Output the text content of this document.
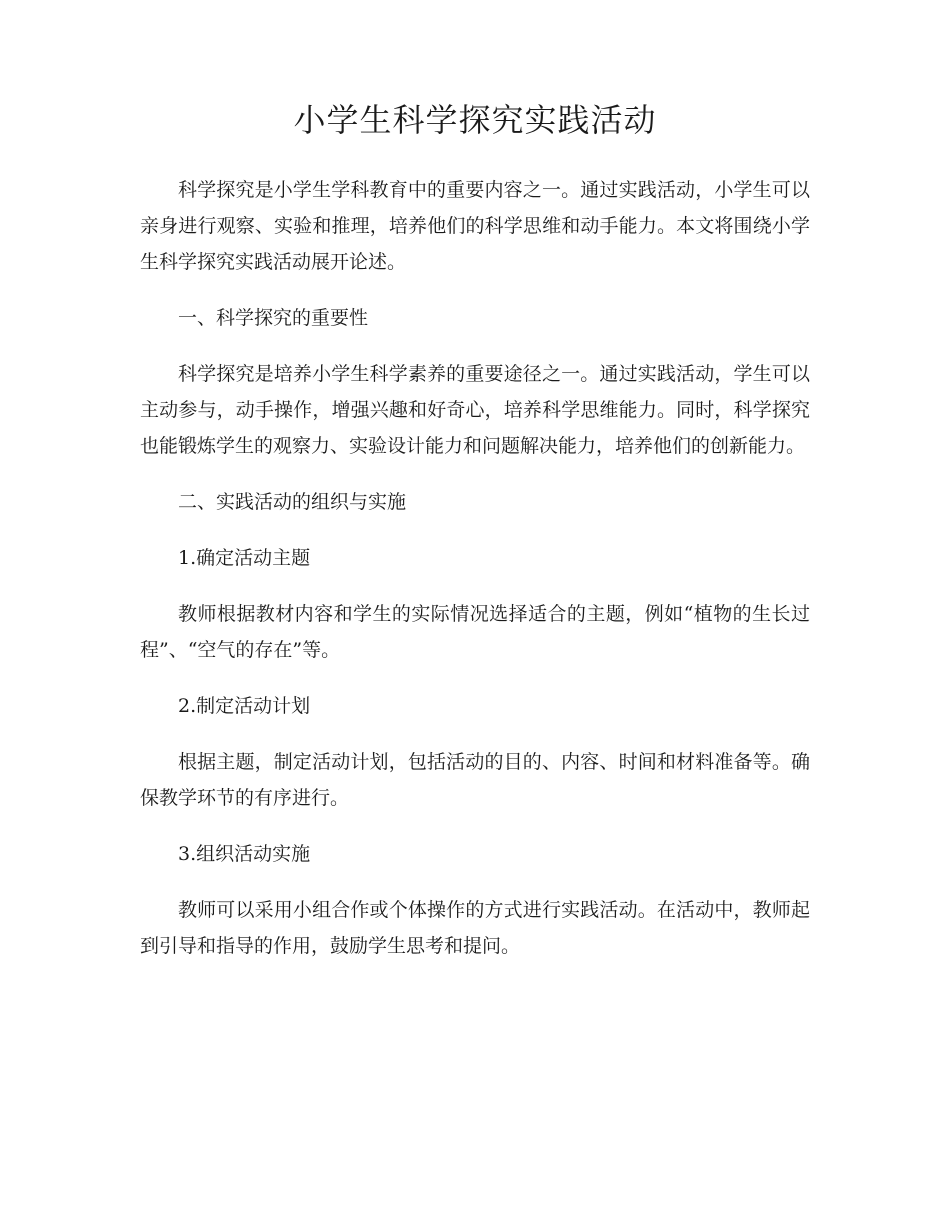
小学生科学探究实践活动

科学探究是小学生学科教育中的重要内容之一。通过实践活动，小学生可以亲身进行观察、实验和推理，培养他们的科学思维和动手能力。本文将围绕小学生科学探究实践活动展开论述。

一、科学探究的重要性

科学探究是培养小学生科学素养的重要途径之一。通过实践活动，学生可以主动参与，动手操作，增强兴趣和好奇心，培养科学思维能力。同时，科学探究也能锻炼学生的观察力、实验设计能力和问题解决能力，培养他们的创新能力。

二、实践活动的组织与实施

1.确定活动主题

教师根据教材内容和学生的实际情况选择适合的主题，例如“植物的生长过程”、“空气的存在”等。

2.制定活动计划

根据主题，制定活动计划，包括活动的目的、内容、时间和材料准备等。确保教学环节的有序进行。

3.组织活动实施

教师可以采用小组合作或个体操作的方式进行实践活动。在活动中，教师起到引导和指导的作用，鼓励学生思考和提问。
